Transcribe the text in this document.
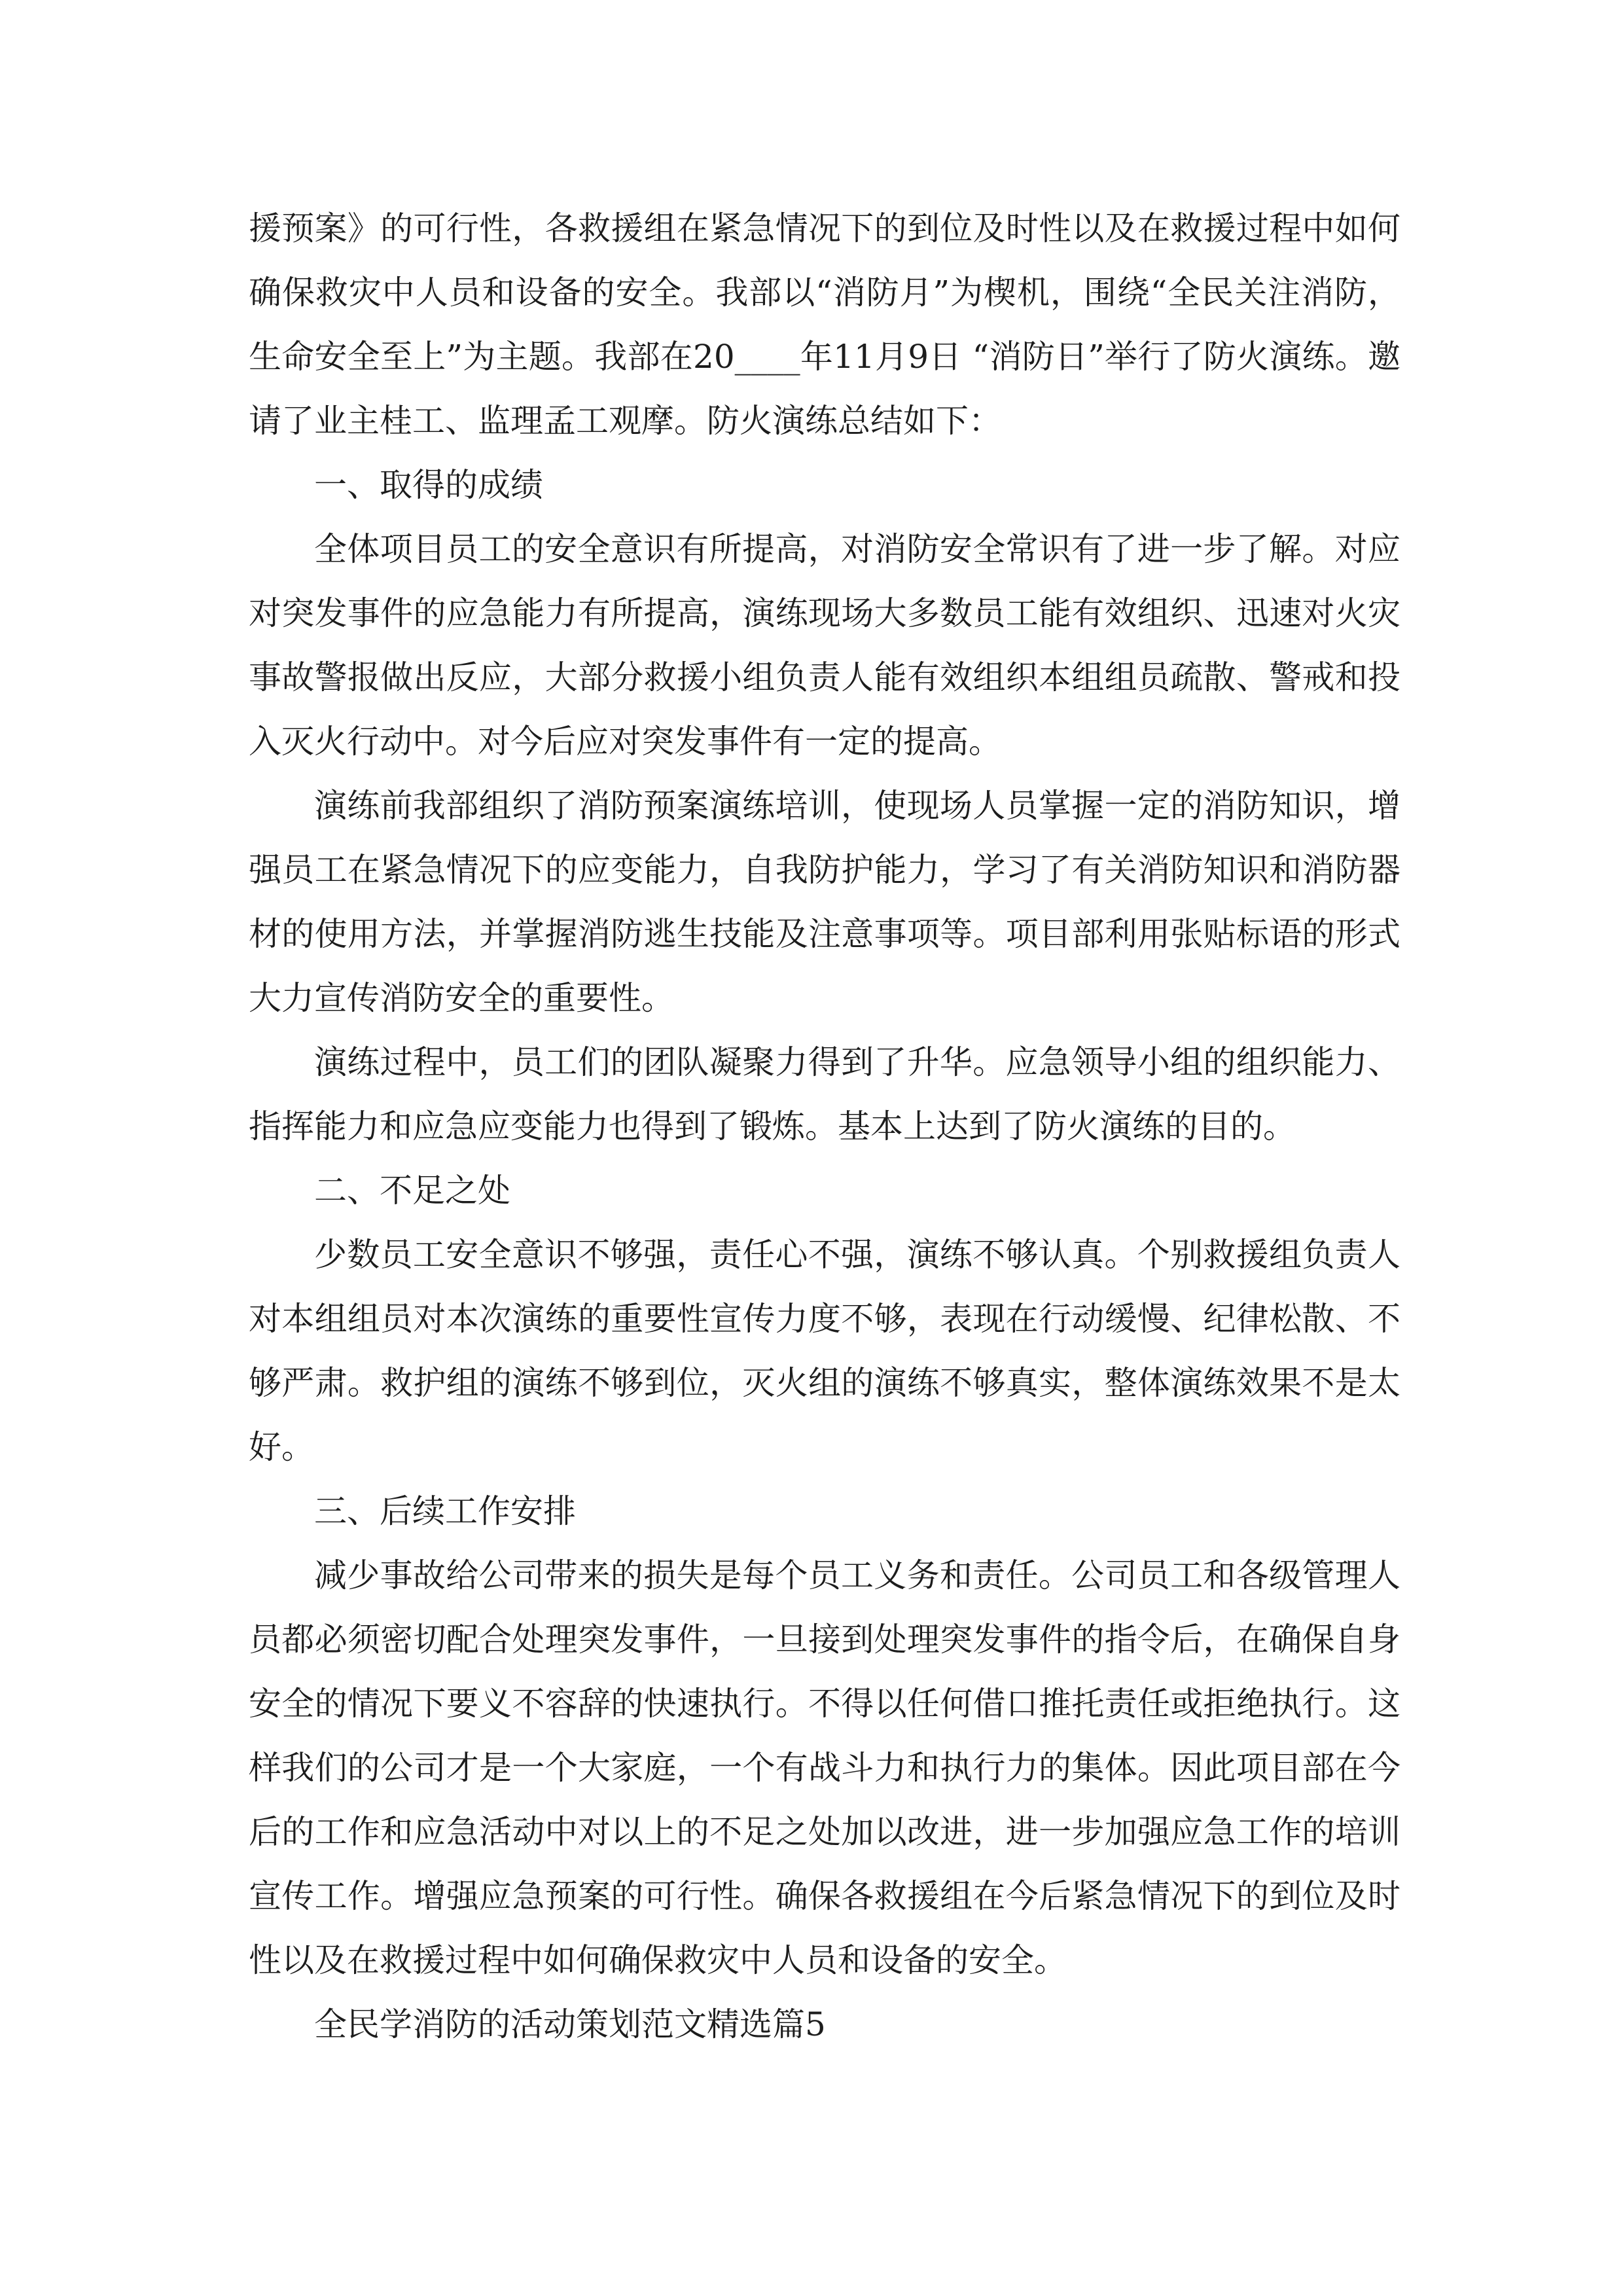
援预案》的可行性，各救援组在紧急情况下的到位及时性以及在救援过程中如何确保救灾中人员和设备的安全。我部以“消防月”为楔机，围绕“全民关注消防，生命安全至上”为主题。我部在20____年11月9日 “消防日”举行了防火演练。邀请了业主桂工、监理孟工观摩。防火演练总结如下：

一、取得的成绩

全体项目员工的安全意识有所提高，对消防安全常识有了进一步了解。对应对突发事件的应急能力有所提高，演练现场大多数员工能有效组织、迅速对火灾事故警报做出反应，大部分救援小组负责人能有效组织本组组员疏散、警戒和投入灭火行动中。对今后应对突发事件有一定的提高。

演练前我部组织了消防预案演练培训，使现场人员掌握一定的消防知识，增强员工在紧急情况下的应变能力，自我防护能力，学习了有关消防知识和消防器材的使用方法，并掌握消防逃生技能及注意事项等。项目部利用张贴标语的形式大力宣传消防安全的重要性。

演练过程中，员工们的团队凝聚力得到了升华。应急领导小组的组织能力、指挥能力和应急应变能力也得到了锻炼。基本上达到了防火演练的目的。

二、不足之处

少数员工安全意识不够强，责任心不强，演练不够认真。个别救援组负责人对本组组员对本次演练的重要性宣传力度不够，表现在行动缓慢、纪律松散、不够严肃。救护组的演练不够到位，灭火组的演练不够真实，整体演练效果不是太好。

三、后续工作安排

减少事故给公司带来的损失是每个员工义务和责任。公司员工和各级管理人员都必须密切配合处理突发事件，一旦接到处理突发事件的指令后，在确保自身安全的情况下要义不容辞的快速执行。不得以任何借口推托责任或拒绝执行。这样我们的公司才是一个大家庭，一个有战斗力和执行力的集体。因此项目部在今后的工作和应急活动中对以上的不足之处加以改进，进一步加强应急工作的培训宣传工作。增强应急预案的可行性。确保各救援组在今后紧急情况下的到位及时性以及在救援过程中如何确保救灾中人员和设备的安全。

全民学消防的活动策划范文精选篇5
